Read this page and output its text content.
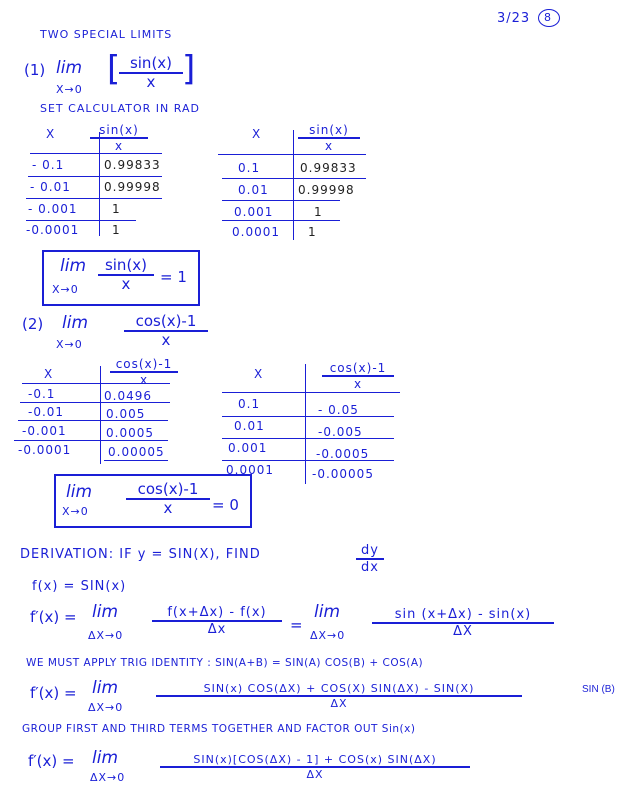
3/23 8
TWO SPECIAL LIMITS
(1) lim
X→0
[ sin(x)
x ]
SET CALCULATOR IN RAD
X	sin(x)
x
- 0.1	0.99833
- 0.01	0.99998
- 0.001	1
-0.0001	1
X	sin(x)
x
0.1	0.99833
0.01 0.99998
0.001	1
0.0001 1
lim
X→0
sin(x)
x	= 1
(2) lim
X→0
cos(x)-1
x
X
cos(x)-1
x
-0.1	0.0496
-0.01	0.005
-0.001	0.0005
-0.0001	0.00005
X	cos(x)-1
x
0.1	- 0.05
0.01	-0.005
0.001	-0.0005
0.0001	-0.00005
lim
X→0
cos(x)-1
x	= 0
DERIVATION: IF y = SIN(X), FIND	dy
dx
f(x) = SIN(x)
f′(x) = lim
ΔX→0
f(x+Δx) - f(x)
Δx	=
lim
ΔX→0
sin (x+Δx) - sin(x)
ΔX
WE MUST APPLY TRIG IDENTITY : SIN(A+B) = SIN(A) COS(B) + COS(A)
SIN (B)
f′(x) = lim
ΔX→0
SIN(x) COS(ΔX) + COS(X) SIN(ΔX) - SIN(X)
ΔX
GROUP FIRST AND THIRD TERMS TOGETHER AND FACTOR OUT Sin(x)
f′(x) = lim
ΔX→0
SIN(x)[COS(ΔX) - 1] + COS(x) SIN(ΔX)
ΔX
